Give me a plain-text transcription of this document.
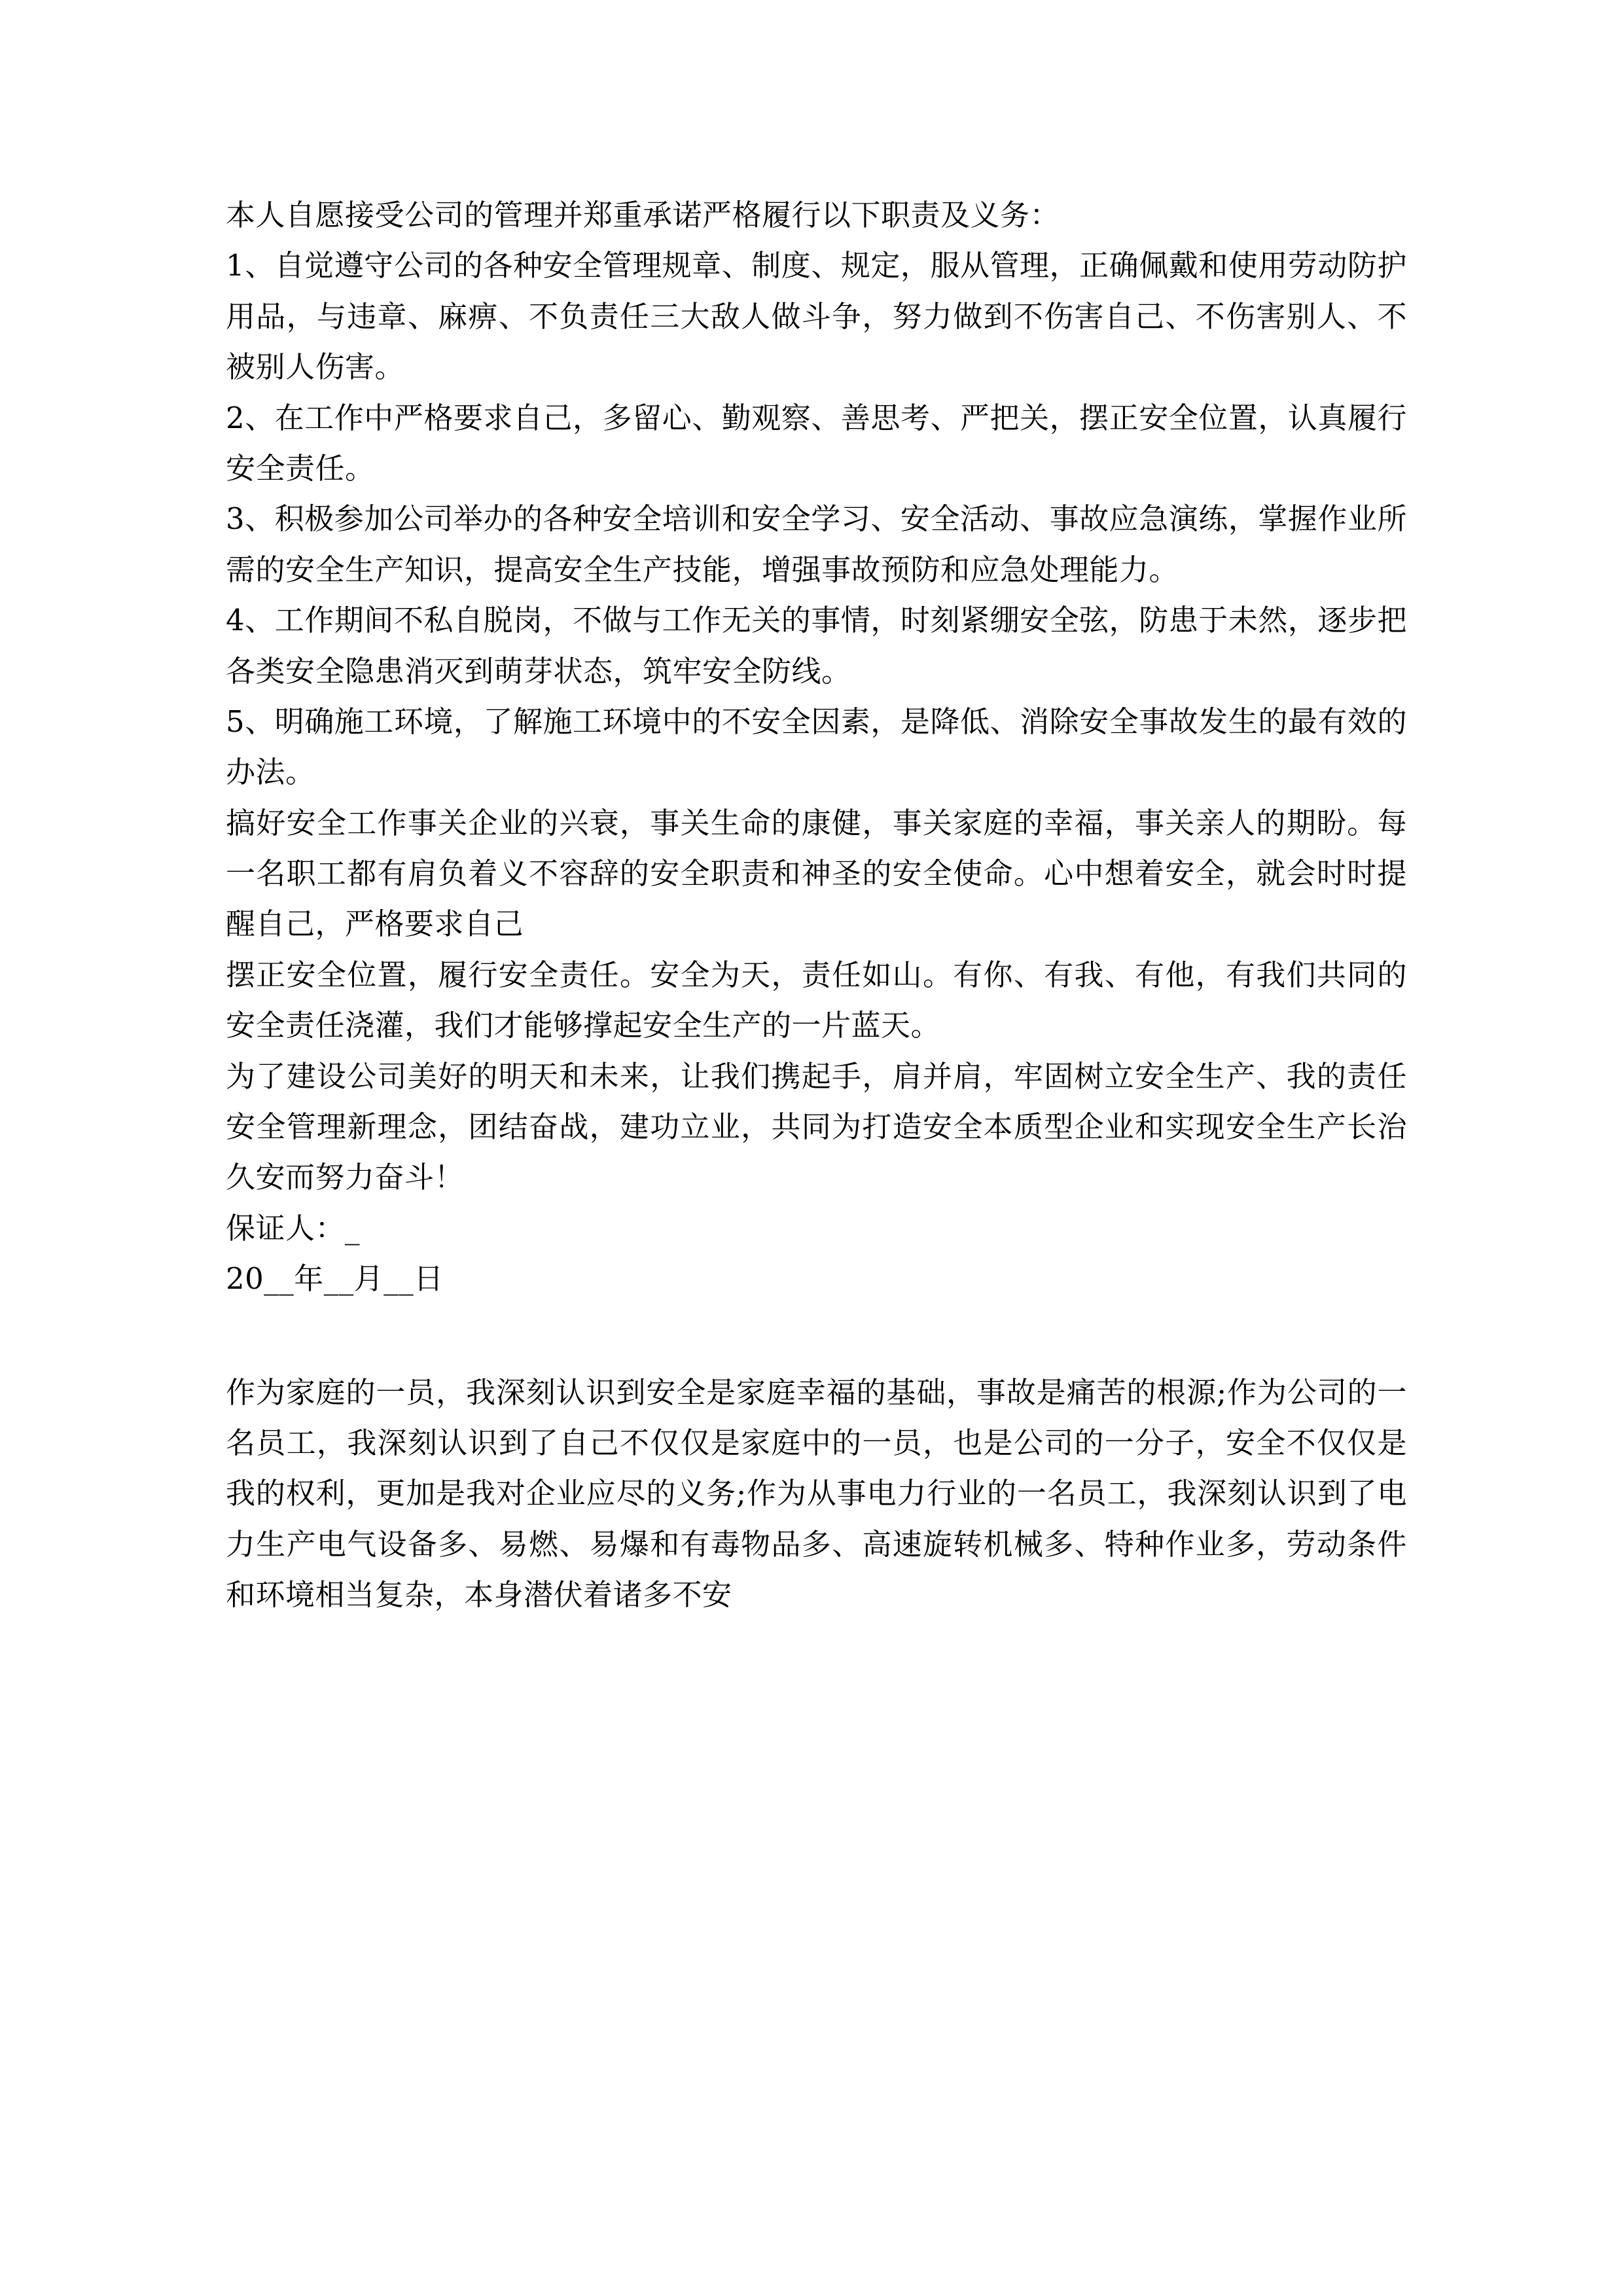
本人自愿接受公司的管理并郑重承诺严格履行以下职责及义务：

1、自觉遵守公司的各种安全管理规章、制度、规定，服从管理，正确佩戴和使用劳动防护用品，与违章、麻痹、不负责任三大敌人做斗争，努力做到不伤害自己、不伤害别人、不被别人伤害。

2、在工作中严格要求自己，多留心、勤观察、善思考、严把关，摆正安全位置，认真履行安全责任。

3、积极参加公司举办的各种安全培训和安全学习、安全活动、事故应急演练，掌握作业所需的安全生产知识，提高安全生产技能，增强事故预防和应急处理能力。

4、工作期间不私自脱岗，不做与工作无关的事情，时刻紧绷安全弦，防患于未然，逐步把各类安全隐患消灭到萌芽状态，筑牢安全防线。

5、明确施工环境，了解施工环境中的不安全因素，是降低、消除安全事故发生的最有效的办法。

搞好安全工作事关企业的兴衰，事关生命的康健，事关家庭的幸福，事关亲人的期盼。每一名职工都有肩负着义不容辞的安全职责和神圣的安全使命。心中想着安全，就会时时提醒自己，严格要求自己

摆正安全位置，履行安全责任。安全为天，责任如山。有你、有我、有他，有我们共同的安全责任浇灌，我们才能够撑起安全生产的一片蓝天。

为了建设公司美好的明天和未来，让我们携起手，肩并肩，牢固树立安全生产、我的责任安全管理新理念，团结奋战，建功立业，共同为打造安全本质型企业和实现安全生产长治久安而努力奋斗！

保证人：_

20__年__月__日

作为家庭的一员，我深刻认识到安全是家庭幸福的基础，事故是痛苦的根源;作为公司的一名员工，我深刻认识到了自己不仅仅是家庭中的一员，也是公司的一分子，安全不仅仅是我的权利，更加是我对企业应尽的义务;作为从事电力行业的一名员工，我深刻认识到了电力生产电气设备多、易燃、易爆和有毒物品多、高速旋转机械多、特种作业多，劳动条件和环境相当复杂，本身潜伏着诸多不安
